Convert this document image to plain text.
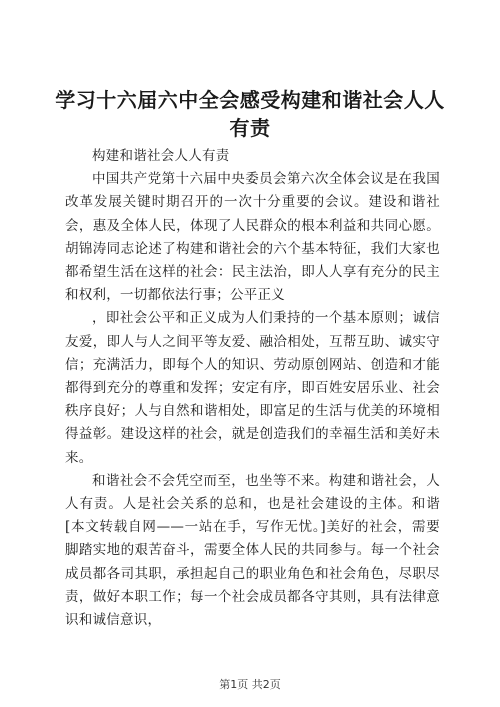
学习十六届六中全会感受构建和谐社会人人有责

构建和谐社会人人有责

中国共产党第十六届中央委员会第六次全体会议是在我国改革发展关键时期召开的一次十分重要的会议。建设和谐社会，惠及全体人民，体现了人民群众的根本利益和共同心愿。胡锦涛同志论述了构建和谐社会的六个基本特征，我们大家也都希望生活在这样的社会：民主法治，即人人享有充分的民主和权利，一切都依法行事；公平正义

，即社会公平和正义成为人们秉持的一个基本原则；诚信友爱，即人与人之间平等友爱、融洽相处，互帮互助、诚实守信；充满活力，即每个人的知识、劳动原创网站、创造和才能都得到充分的尊重和发挥；安定有序，即百姓安居乐业、社会秩序良好；人与自然和谐相处，即富足的生活与优美的环境相得益彰。建设这样的社会，就是创造我们的幸福生活和美好未来。

和谐社会不会凭空而至，也坐等不来。构建和谐社会，人人有责。人是社会关系的总和，也是社会建设的主体。和谐[本文转载自网——一站在手，写作无忧。]美好的社会，需要脚踏实地的艰苦奋斗，需要全体人民的共同参与。每一个社会成员都各司其职，承担起自己的职业角色和社会角色，尽职尽责，做好本职工作；每一个社会成员都各守其则，具有法律意识和诚信意识，

第1页 共2页
